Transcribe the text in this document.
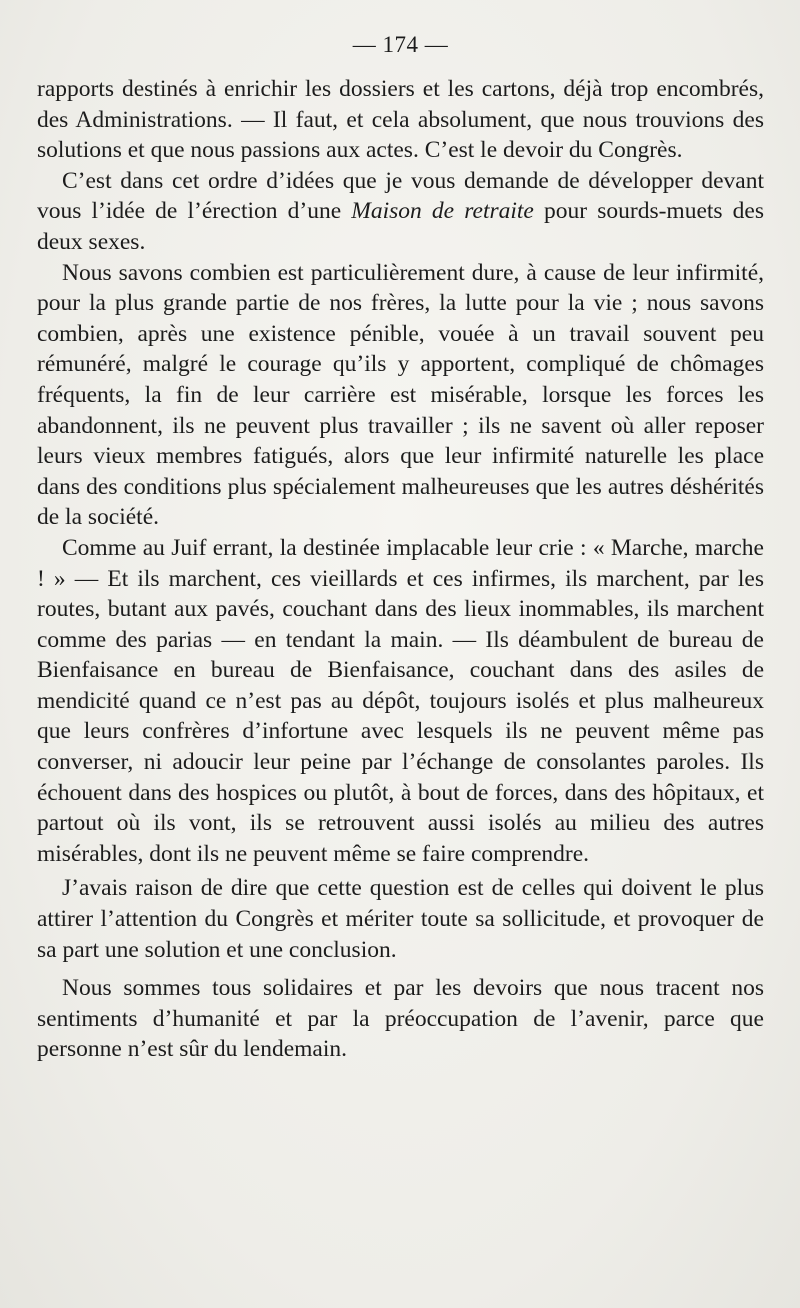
— 174 —

rapports destinés à enrichir les dossiers et les cartons, déjà trop encombrés, des Administrations. — Il faut, et cela absolument, que nous trouvions des solutions et que nous passions aux actes. C’est le devoir du Congrès.

C’est dans cet ordre d’idées que je vous demande de développer devant vous l’idée de l’érection d’une Maison de retraite pour sourds-muets des deux sexes.

Nous savons combien est particulièrement dure, à cause de leur infirmité, pour la plus grande partie de nos frères, la lutte pour la vie ; nous savons combien, après une existence pénible, vouée à un travail souvent peu rémunéré, malgré le courage qu’ils y apportent, compliqué de chômages fréquents, la fin de leur carrière est misérable, lorsque les forces les abandonnent, ils ne peuvent plus travailler ; ils ne savent où aller reposer leurs vieux membres fatigués, alors que leur infirmité naturelle les place dans des conditions plus spécialement malheureuses que les autres déshérités de la société.

Comme au Juif errant, la destinée implacable leur crie : « Marche, marche ! » — Et ils marchent, ces vieillards et ces infirmes, ils marchent, par les routes, butant aux pavés, couchant dans des lieux inommables, ils marchent comme des parias — en tendant la main. — Ils déambulent de bureau de Bienfaisance en bureau de Bienfaisance, couchant dans des asiles de mendicité quand ce n’est pas au dépôt, toujours isolés et plus malheureux que leurs confrères d’infortune avec lesquels ils ne peuvent même pas converser, ni adoucir leur peine par l’échange de consolantes paroles. Ils échouent dans des hospices ou plutôt, à bout de forces, dans des hôpitaux, et partout où ils vont, ils se retrouvent aussi isolés au milieu des autres misérables, dont ils ne peuvent même se faire comprendre.

J’avais raison de dire que cette question est de celles qui doivent le plus attirer l’attention du Congrès et mériter toute sa sollicitude, et provoquer de sa part une solution et une conclusion.

Nous sommes tous solidaires et par les devoirs que nous tracent nos sentiments d’humanité et par la préoccupation de l’avenir, parce que personne n’est sûr du lendemain.
